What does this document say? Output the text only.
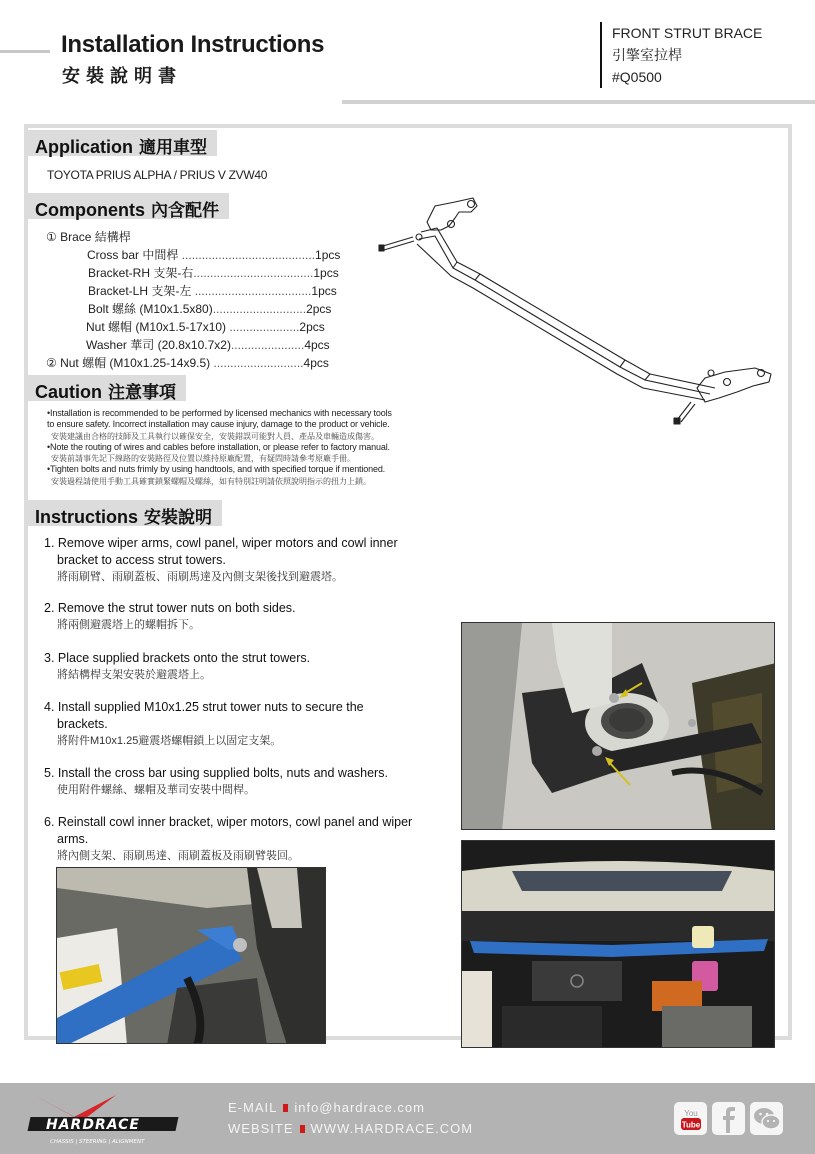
Installation Instructions
安裝說明書
FRONT STRUT BRACE
引擎室拉桿
#Q0500
Application 適用車型
TOYOTA PRIUS ALPHA / PRIUS V ZVW40
Components 內含配件
① Brace 結構桿
Cross bar 中間桿 ........................................1pcs
Bracket-RH 支架-右....................................1pcs
Bracket-LH 支架-左 ...................................1pcs
Bolt 螺絲 (M10x1.5x80)............................2pcs
Nut 螺帽 (M10x1.5-17x10) .....................2pcs
Washer 華司 (20.8x10.7x2)......................4pcs
② Nut 螺帽 (M10x1.25-14x9.5) ...........................4pcs
Caution 注意事項
•Installation is recommended to be performed by licensed mechanics with necessary tools
to ensure safety. Incorrect installation may cause injury, damage to the product or vehicle.
安裝建議由合格的技師及工具執行以確保安全，安裝錯誤可能對人員、產品及車輛造成傷害。
•Note the routing of wires and cables before installation, or please refer to factory manual.
安裝前請事先記下線路的安裝路徑及位置以維持原廠配置，有疑問時請參考原廠手冊。
•Tighten bolts and nuts frimly by using handtools, and with specified torque if mentioned.
安裝過程請使用手動工具確實鎖緊螺帽及螺絲，如有特別註明請依照說明指示的扭力上鎖。
Instructions 安裝說明
1. Remove wiper arms, cowl panel, wiper motors and cowl inner
bracket to access strut towers.
將雨刷臂、雨刷蓋板、雨刷馬達及內側支架後找到避震塔。
2. Remove the strut tower nuts on both sides.
將兩側避震塔上的螺帽拆下。
3. Place supplied brackets onto the strut towers.
將結構桿支架安裝於避震塔上。
4. Install supplied M10x1.25 strut tower nuts to secure the
brackets.
將附件M10x1.25避震塔螺帽鎖上以固定支架。
5. Install the cross bar using supplied bolts, nuts and washers.
使用附件螺絲、螺帽及華司安裝中間桿。
6. Reinstall cowl inner bracket, wiper motors, cowl panel and wiper
arms.
將內側支架、雨刷馬達、雨刷蓋板及雨刷臂裝回。
HARDRACE
CHASSIS | STEERING | ALIGNMENT
E-MAIL info@hardrace.com
WEBSITE WWW.HARDRACE.COM
You
Tube
